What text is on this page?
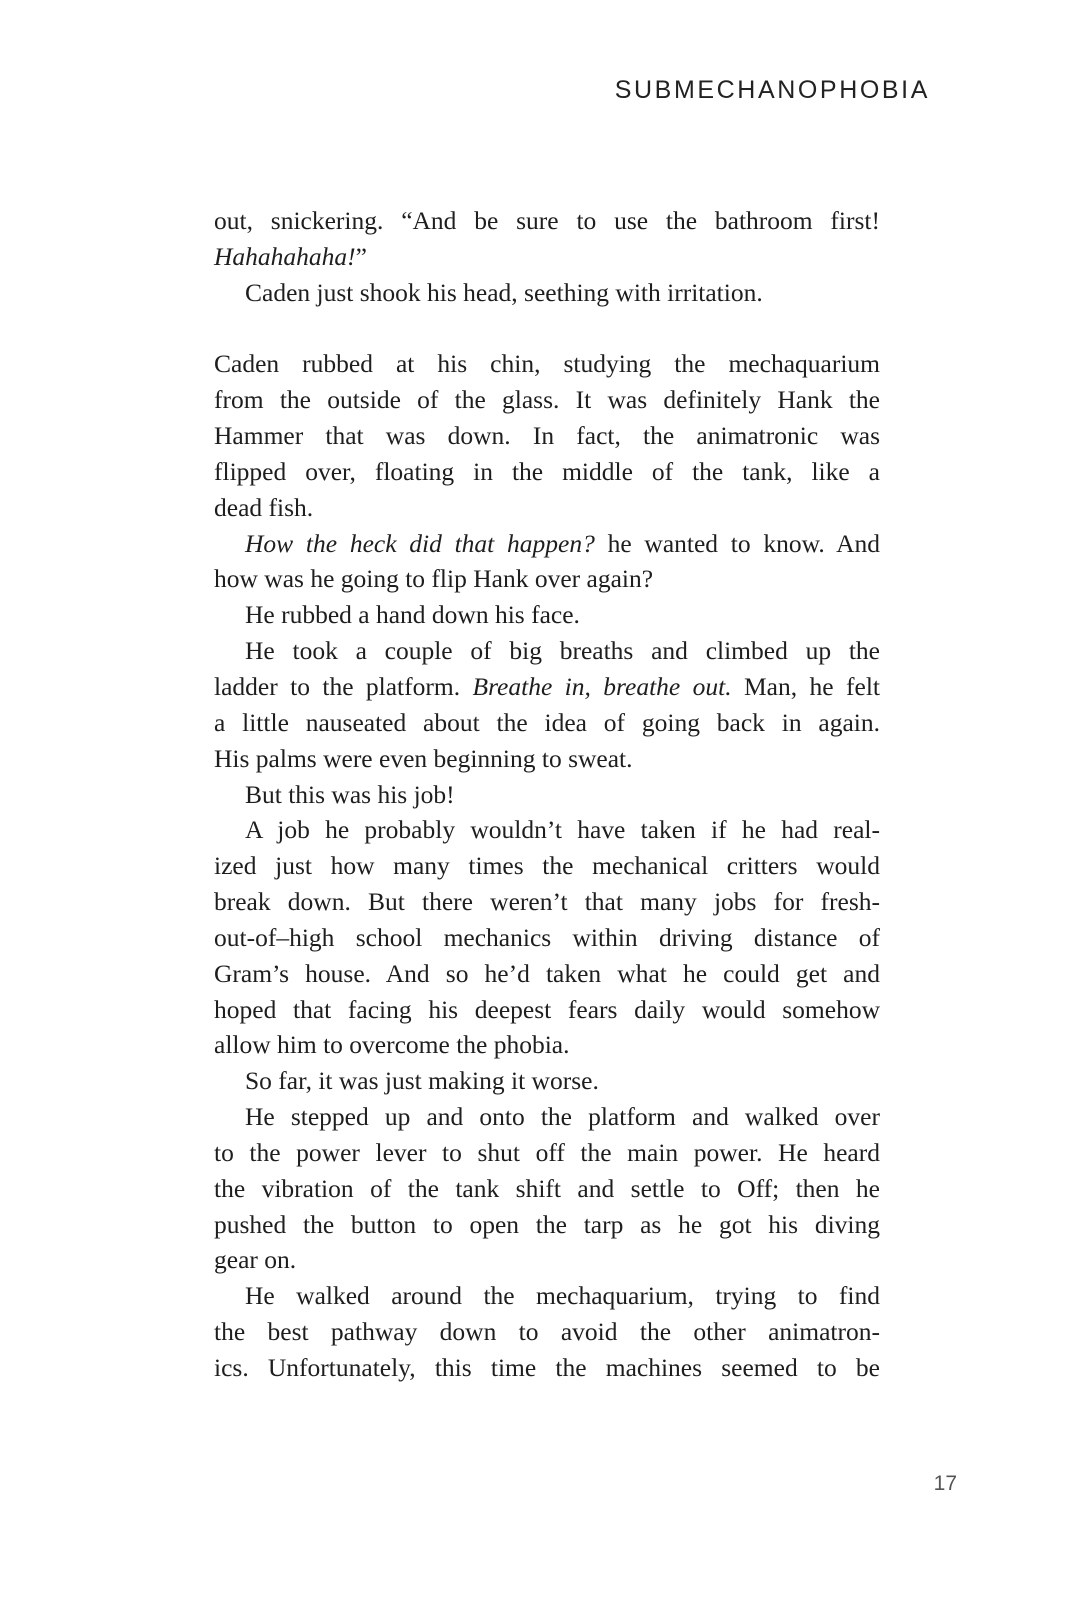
SUBMECHANOPHOBIA
out, snickering. “And be sure to use the bathroom first!
Hahahahaha!”
Caden just shook his head, seething with irritation.
Caden rubbed at his chin, studying the mechaquarium
from the outside of the glass. It was definitely Hank the
Hammer that was down. In fact, the animatronic was
flipped over, floating in the middle of the tank, like a
dead fish.
How the heck did that happen? he wanted to know. And
how was he going to flip Hank over again?
He rubbed a hand down his face.
He took a couple of big breaths and climbed up the
ladder to the platform. Breathe in, breathe out. Man, he felt
a little nauseated about the idea of going back in again.
His palms were even beginning to sweat.
But this was his job!
A job he probably wouldn’t have taken if he had real-
ized just how many times the mechanical critters would
break down. But there weren’t that many jobs for fresh-
out-of–high school mechanics within driving distance of
Gram’s house. And so he’d taken what he could get and
hoped that facing his deepest fears daily would somehow
allow him to overcome the phobia.
So far, it was just making it worse.
He stepped up and onto the platform and walked over
to the power lever to shut off the main power. He heard
the vibration of the tank shift and settle to Off; then he
pushed the button to open the tarp as he got his diving
gear on.
He walked around the mechaquarium, trying to find
the best pathway down to avoid the other animatron-
ics. Unfortunately, this time the machines seemed to be
17
